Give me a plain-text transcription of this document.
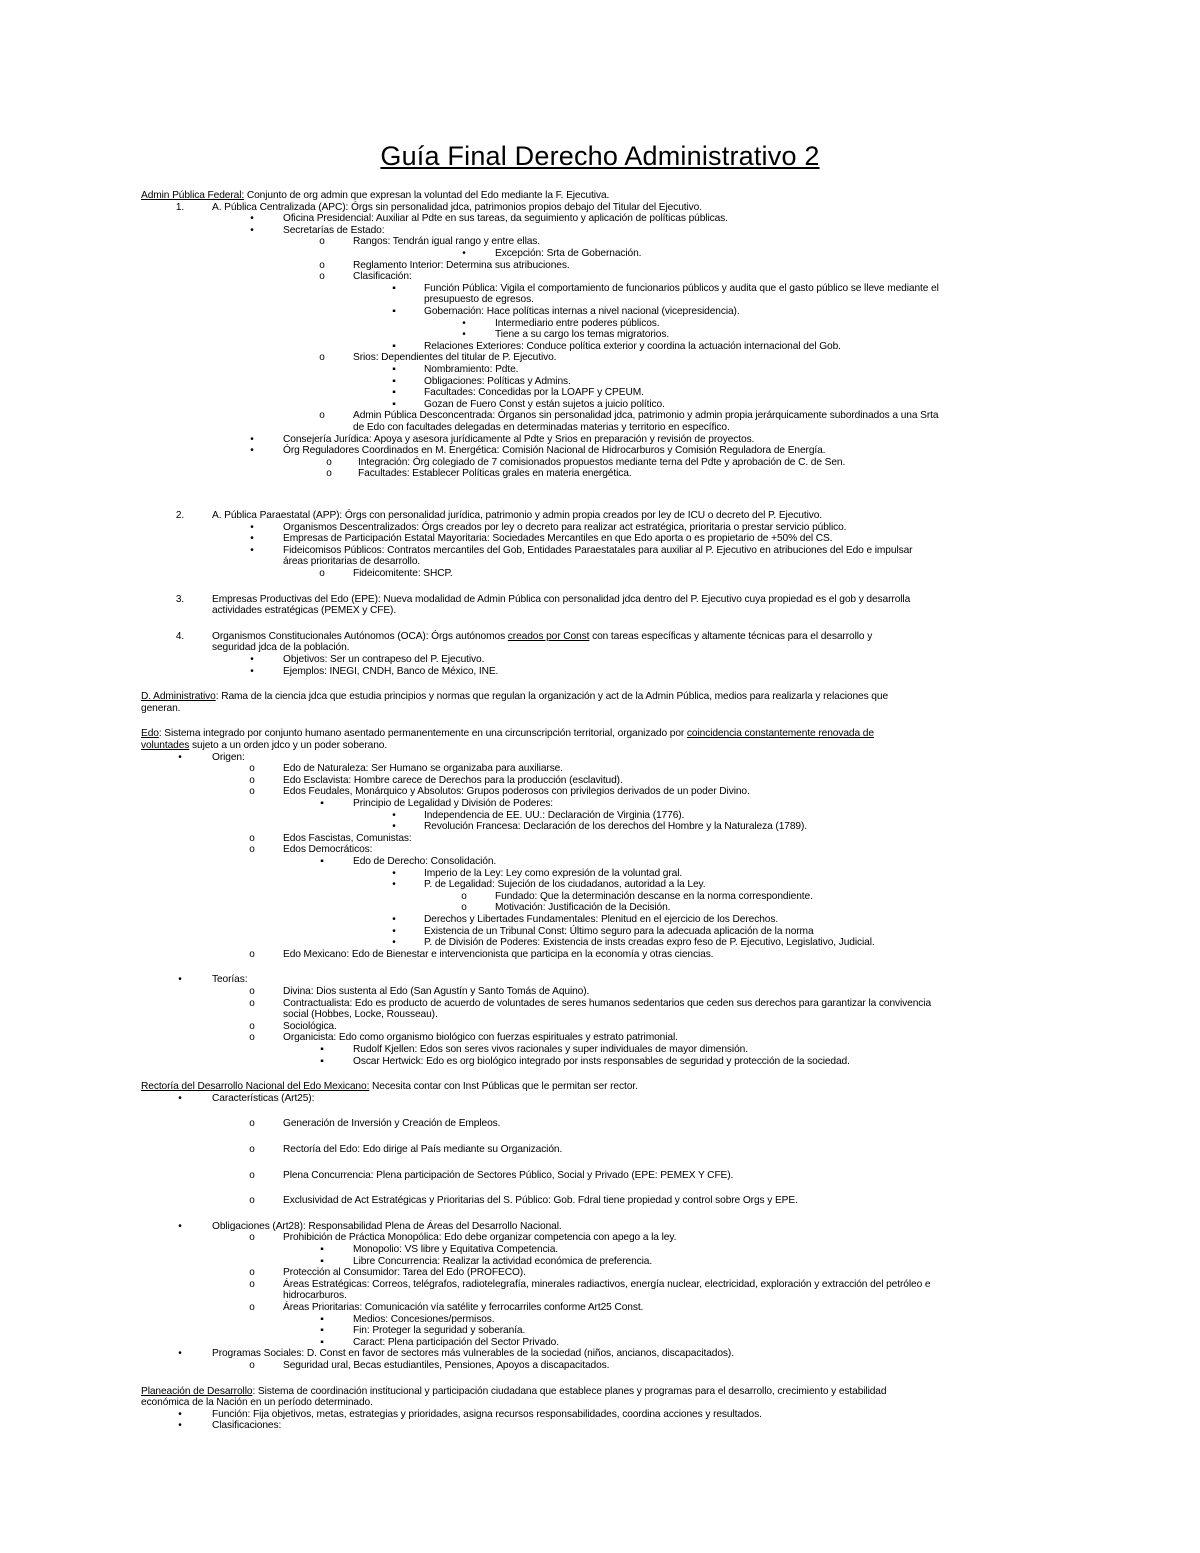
Guía Final Derecho Administrativo 2
Admin Pública Federal: Conjunto de org admin que expresan la voluntad del Edo mediante la F. Ejecutiva.
1.	A. Pública Centralizada (APC): Órgs sin personalidad jdca, patrimonios propios debajo del Titular del Ejecutivo.
•	Oficina Presidencial: Auxiliar al Pdte en sus tareas, da seguimiento y aplicación de políticas públicas.
•	Secretarías de Estado:
o	Rangos: Tendrán igual rango y entre ellas.
•	Excepción: Srta de Gobernación.
o	Reglamento Interior: Determina sus atribuciones.
o	Clasificación:
▪	Función Pública: Vigila el comportamiento de funcionarios públicos y audita que el gasto público se lleve mediante el
presupuesto de egresos.
▪	Gobernación: Hace políticas internas a nivel nacional (vicepresidencia).
•	Intermediario entre poderes públicos.
•	Tiene a su cargo los temas migratorios.
▪	Relaciones Exteriores: Conduce política exterior y coordina la actuación internacional del Gob.
o	Srios: Dependientes del titular de P. Ejecutivo.
▪	Nombramiento: Pdte.
▪	Obligaciones: Políticas y Admins.
▪	Facultades: Concedidas por la LOAPF y CPEUM.
▪	Gozan de Fuero Const y están sujetos a juicio político.
o	Admin Pública Desconcentrada: Órganos sin personalidad jdca, patrimonio y admin propia jerárquicamente subordinados a una Srta
de Edo con facultades delegadas en determinadas materias y territorio en específico.
•	Consejería Jurídica: Apoya y asesora jurídicamente al Pdte y Srios en preparación y revisión de proyectos.
•	Órg Reguladores Coordinados en M. Energética: Comisión Nacional de Hidrocarburos y Comisión Reguladora de Energía.
o	Integración: Órg colegiado de 7 comisionados propuestos mediante terna del Pdte y aprobación de C. de Sen.
o	Facultades: Establecer Políticas grales en materia energética.
2.	A. Pública Paraestatal (APP): Órgs con personalidad jurídica, patrimonio y admin propia creados por ley de ICU o decreto del P. Ejecutivo.
•	Organismos Descentralizados: Órgs creados por ley o decreto para realizar act estratégica, prioritaria o prestar servicio público.
•	Empresas de Participación Estatal Mayoritaria: Sociedades Mercantiles en que Edo aporta o es propietario de +50% del CS.
•	Fideicomisos Públicos: Contratos mercantiles del Gob, Entidades Paraestatales para auxiliar al P. Ejecutivo en atribuciones del Edo e impulsar
áreas prioritarias de desarrollo.
o	Fideicomitente: SHCP.
3.	Empresas Productivas del Edo (EPE): Nueva modalidad de Admin Pública con personalidad jdca dentro del P. Ejecutivo cuya propiedad es el gob y desarrolla
actividades estratégicas (PEMEX y CFE).
4.	Organismos Constitucionales Autónomos (OCA): Órgs autónomos creados por Const con tareas específicas y altamente técnicas para el desarrollo y
seguridad jdca de la población.
•	Objetivos: Ser un contrapeso del P. Ejecutivo.
•	Ejemplos: INEGI, CNDH, Banco de México, INE.
D. Administrativo: Rama de la ciencia jdca que estudia principios y normas que regulan la organización y act de la Admin Pública, medios para realizarla y relaciones que
generan.
Edo: Sistema integrado por conjunto humano asentado permanentemente en una circunscripción territorial, organizado por coincidencia constantemente renovada de
voluntades sujeto a un orden jdco y un poder soberano.
•	Origen:
o	Edo de Naturaleza: Ser Humano se organizaba para auxiliarse.
o	Edo Esclavista: Hombre carece de Derechos para la producción (esclavitud).
o	Edos Feudales, Monárquico y Absolutos: Grupos poderosos con privilegios derivados de un poder Divino.
▪	Principio de Legalidad y División de Poderes:
•	Independencia de EE. UU.: Declaración de Virginia (1776).
•	Revolución Francesa: Declaración de los derechos del Hombre y la Naturaleza (1789).
o	Edos Fascistas, Comunistas:
o	Edos Democráticos:
▪	Edo de Derecho: Consolidación.
•	Imperio de la Ley: Ley como expresión de la voluntad gral.
•	P. de Legalidad: Sujeción de los ciudadanos, autoridad a la Ley.
o	Fundado: Que la determinación descanse en la norma correspondiente.
o	Motivación: Justificación de la Decisión.
•	Derechos y Libertades Fundamentales: Plenitud en el ejercicio de los Derechos.
•	Existencia de un Tribunal Const: Último seguro para la adecuada aplicación de la norma
•	P. de División de Poderes: Existencia de insts creadas expro feso de P. Ejecutivo, Legislativo, Judicial.
o	Edo Mexicano: Edo de Bienestar e intervencionista que participa en la economía y otras ciencias.
•	Teorías:
o	Divina: Dios sustenta al Edo (San Agustín y Santo Tomás de Aquino).
o	Contractualista: Edo es producto de acuerdo de voluntades de seres humanos sedentarios que ceden sus derechos para garantizar la convivencia
social (Hobbes, Locke, Rousseau).
o	Sociológica.
o	Organicista: Edo como organismo biológico con fuerzas espirituales y estrato patrimonial.
▪	Rudolf Kjellen: Edos son seres vivos racionales y super individuales de mayor dimensión.
▪	Oscar Hertwick: Edo es org biológico integrado por insts responsables de seguridad y protección de la sociedad.
Rectoría del Desarrollo Nacional del Edo Mexicano: Necesita contar con Inst Públicas que le permitan ser rector.
•	Características (Art25):
o	Generación de Inversión y Creación de Empleos.
o	Rectoría del Edo: Edo dirige al País mediante su Organización.
o	Plena Concurrencia: Plena participación de Sectores Público, Social y Privado (EPE: PEMEX Y CFE).
o	Exclusividad de Act Estratégicas y Prioritarias del S. Público: Gob. Fdral tiene propiedad y control sobre Orgs y EPE.
•	Obligaciones (Art28): Responsabilidad Plena de Áreas del Desarrollo Nacional.
o	Prohibición de Práctica Monopólica: Edo debe organizar competencia con apego a la ley.
▪	Monopolio: VS libre y Equitativa Competencia.
▪	Libre Concurrencia: Realizar la actividad económica de preferencia.
o	Protección al Consumidor: Tarea del Edo (PROFECO).
o	Áreas Estratégicas: Correos, telégrafos, radiotelegrafía, minerales radiactivos, energía nuclear, electricidad, exploración y extracción del petróleo e
hidrocarburos.
o	Áreas Prioritarias: Comunicación vía satélite y ferrocarriles conforme Art25 Const.
▪	Medios: Concesiones/permisos.
▪	Fin: Proteger la seguridad y soberanía.
▪	Caract: Plena participación del Sector Privado.
•	Programas Sociales: D. Const en favor de sectores más vulnerables de la sociedad (niños, ancianos, discapacitados).
o	Seguridad ural, Becas estudiantiles, Pensiones, Apoyos a discapacitados.
Planeación de Desarrollo: Sistema de coordinación institucional y participación ciudadana que establece planes y programas para el desarrollo, crecimiento y estabilidad
económica de la Nación en un período determinado.
•	Función: Fija objetivos, metas, estrategias y prioridades, asigna recursos responsabilidades, coordina acciones y resultados.
•	Clasificaciones:
